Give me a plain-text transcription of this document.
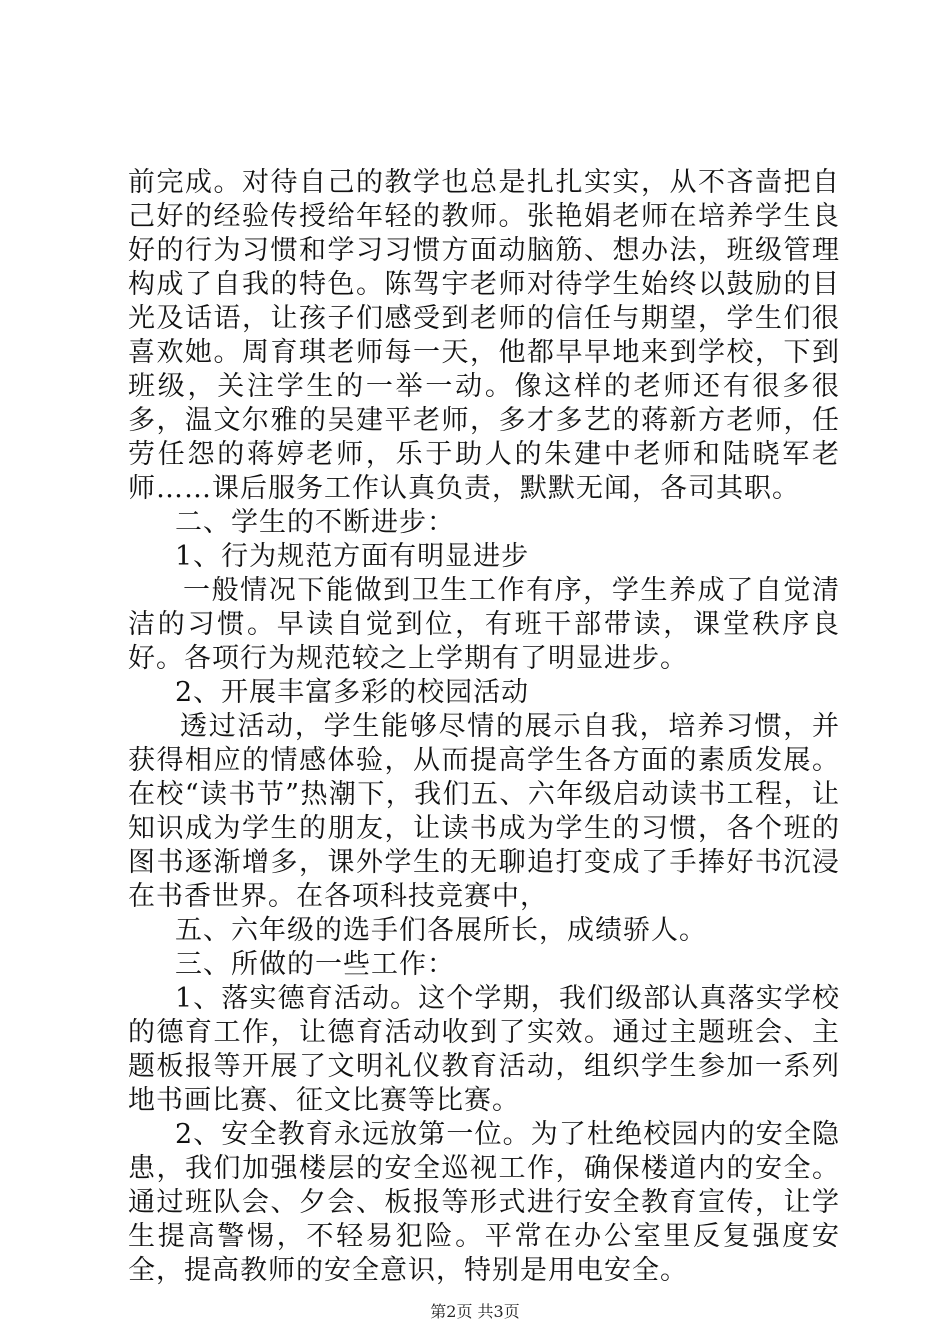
前完成。对待自己的教学也总是扎扎实实，从不吝啬把自己好的经验传授给年轻的教师。张艳娟老师在培养学生良好的行为习惯和学习习惯方面动脑筋、想办法，班级管理构成了自我的特色。陈驾宇老师对待学生始终以鼓励的目光及话语，让孩子们感受到老师的信任与期望，学生们很喜欢她。周育琪老师每一天，他都早早地来到学校，下到班级，关注学生的一举一动。像这样的老师还有很多很多，温文尔雅的吴建平老师，多才多艺的蒋新方老师，任劳任怨的蒋婷老师，乐于助人的朱建中老师和陆晓军老师……课后服务工作认真负责，默默无闻，各司其职。

二、学生的不断进步：

1、行为规范方面有明显进步

一般情况下能做到卫生工作有序，学生养成了自觉清洁的习惯。早读自觉到位，有班干部带读，课堂秩序良好。各项行为规范较之上学期有了明显进步。

2、开展丰富多彩的校园活动

透过活动，学生能够尽情的展示自我，培养习惯，并获得相应的情感体验，从而提高学生各方面的素质发展。在校“读书节”热潮下，我们五、六年级启动读书工程，让知识成为学生的朋友，让读书成为学生的习惯，各个班的图书逐渐增多，课外学生的无聊追打变成了手捧好书沉浸在书香世界。在各项科技竞赛中，

五、六年级的选手们各展所长，成绩骄人。

三、所做的一些工作：

1、落实德育活动。这个学期，我们级部认真落实学校的德育工作，让德育活动收到了实效。通过主题班会、主题板报等开展了文明礼仪教育活动，组织学生参加一系列地书画比赛、征文比赛等比赛。

2、安全教育永远放第一位。为了杜绝校园内的安全隐患，我们加强楼层的安全巡视工作，确保楼道内的安全。通过班队会、夕会、板报等形式进行安全教育宣传，让学生提高警惕，不轻易犯险。平常在办公室里反复强度安全，提高教师的安全意识，特别是用电安全。

第2页 共3页
